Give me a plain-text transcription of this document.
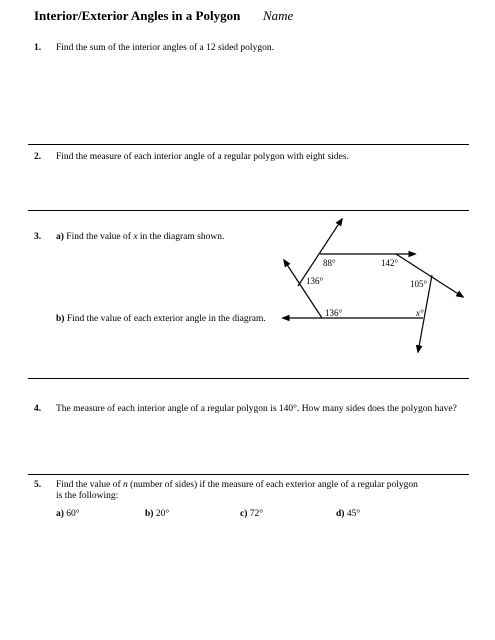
Interior/Exterior Angles in a Polygon Name
1. Find the sum of the interior angles of a 12 sided polygon.
2. Find the measure of each interior angle of a regular polygon with eight sides.
3. a) Find the value of x in the diagram shown.
b) Find the value of each exterior angle in the diagram.
88°	142°
136°	105°
136°	x°
4. The measure of each interior angle of a regular polygon is 140°. How many sides does the polygon have?
5. Find the value of n (number of sides) if the measure of each exterior angle of a regular polygon
is the following:
a) 60°	b) 20°	c) 72°	d) 45°
